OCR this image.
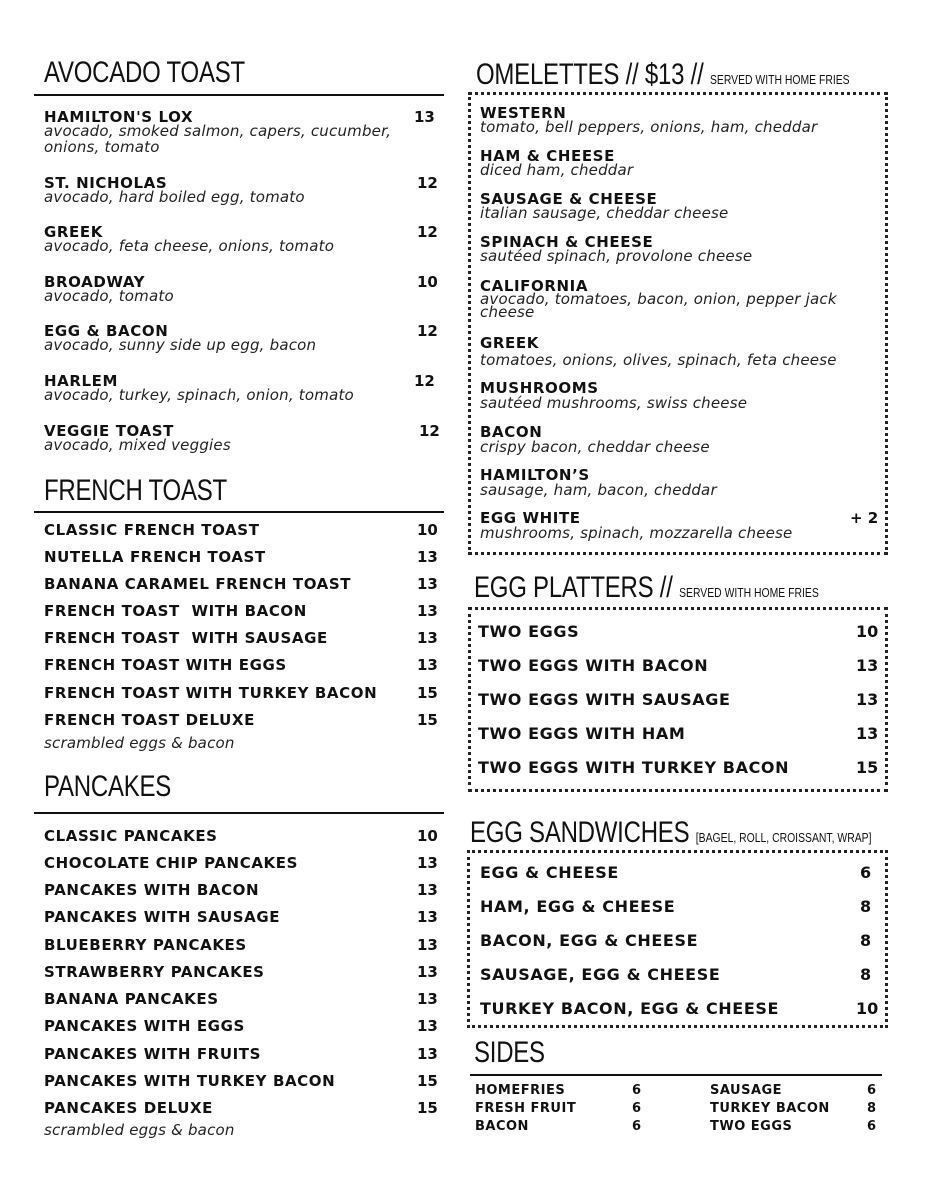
AVOCADO TOAST
HAMILTON'S LOX	13
avocado, smoked salmon, capers, cucumber, onions, tomato
ST. NICHOLAS	12
avocado, hard boiled egg, tomato
GREEK	12
avocado, feta cheese, onions, tomato
BROADWAY	10
avocado, tomato
EGG & BACON	12
avocado, sunny side up egg, bacon
HARLEM	12
avocado, turkey, spinach, onion, tomato
VEGGIE TOAST	12
avocado, mixed veggies
FRENCH TOAST
CLASSIC FRENCH TOAST	10
NUTELLA FRENCH TOAST	13
BANANA CARAMEL FRENCH TOAST	13
FRENCH TOAST  WITH BACON	13
FRENCH TOAST  WITH SAUSAGE	13
FRENCH TOAST WITH EGGS	13
FRENCH TOAST WITH TURKEY BACON	15
FRENCH TOAST DELUXE	15
scrambled eggs & bacon
PANCAKES
CLASSIC PANCAKES	10
CHOCOLATE CHIP PANCAKES	13
PANCAKES WITH BACON	13
PANCAKES WITH SAUSAGE	13
BLUEBERRY PANCAKES	13
STRAWBERRY PANCAKES	13
BANANA PANCAKES	13
PANCAKES WITH EGGS	13
PANCAKES WITH FRUITS	13
PANCAKES WITH TURKEY BACON	15
PANCAKES DELUXE	15
scrambled eggs & bacon
OMELETTES // $13 // SERVED WITH HOME FRIES
WESTERN
tomato, bell peppers, onions, ham, cheddar
HAM & CHEESE
diced ham, cheddar
SAUSAGE & CHEESE
italian sausage, cheddar cheese
SPINACH & CHEESE
sautéed spinach, provolone cheese
CALIFORNIA
avocado, tomatoes, bacon, onion, pepper jack cheese
GREEK
tomatoes, onions, olives, spinach, feta cheese
MUSHROOMS
sautéed mushrooms, swiss cheese
BACON
crispy bacon, cheddar cheese
HAMILTON’S
sausage, ham, bacon, cheddar
EGG WHITE	+ 2
mushrooms, spinach, mozzarella cheese
EGG PLATTERS // SERVED WITH HOME FRIES
TWO EGGS	10
TWO EGGS WITH BACON	13
TWO EGGS WITH SAUSAGE	13
TWO EGGS WITH HAM	13
TWO EGGS WITH TURKEY BACON	15
EGG SANDWICHES [BAGEL, ROLL, CROISSANT, WRAP]
EGG & CHEESE	6
HAM, EGG & CHEESE	8
BACON, EGG & CHEESE	8
SAUSAGE, EGG & CHEESE	8
TURKEY BACON, EGG & CHEESE	10
SIDES
HOMEFRIES	6
FRESH FRUIT	6
BACON	6
SAUSAGE	6
TURKEY BACON	8
TWO EGGS	6
